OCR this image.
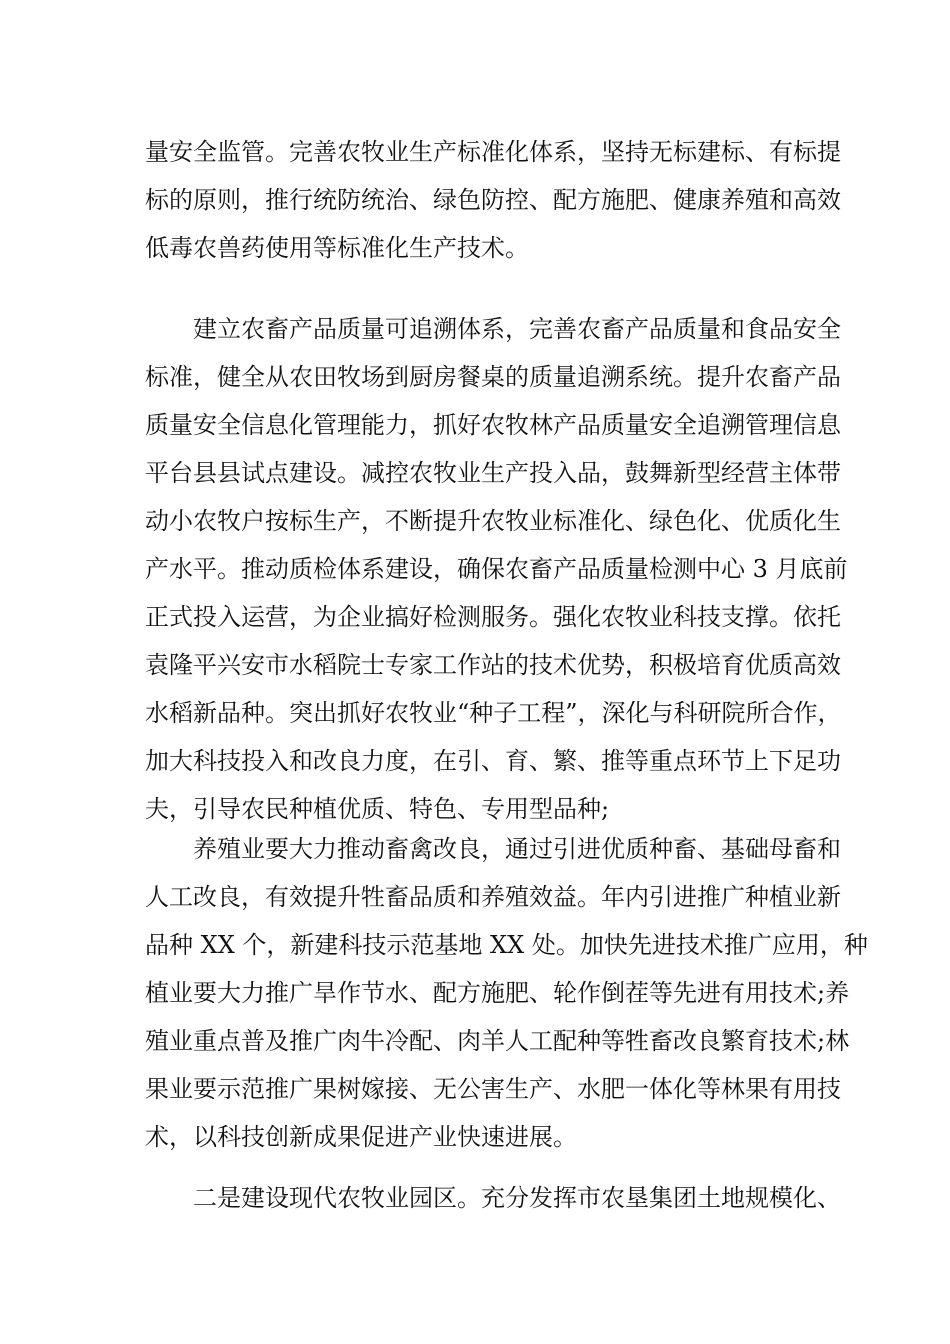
量安全监管。完善农牧业生产标准化体系，坚持无标建标、有标提
标的原则，推行统防统治、绿色防控、配方施肥、健康养殖和高效
低毒农兽药使用等标准化生产技术。
建立农畜产品质量可追溯体系，完善农畜产品质量和食品安全
标准，健全从农田牧场到厨房餐桌的质量追溯系统。提升农畜产品
质量安全信息化管理能力，抓好农牧林产品质量安全追溯管理信息
平台县县试点建设。减控农牧业生产投入品，鼓舞新型经营主体带
动小农牧户按标生产，不断提升农牧业标准化、绿色化、优质化生
产水平。推动质检体系建设，确保农畜产品质量检测中心 3 月底前
正式投入运营，为企业搞好检测服务。强化农牧业科技支撑。依托
袁隆平兴安市水稻院士专家工作站的技术优势，积极培育优质高效
水稻新品种。突出抓好农牧业“种子工程”，深化与科研院所合作，
加大科技投入和改良力度，在引、育、繁、推等重点环节上下足功
夫，引导农民种植优质、特色、专用型品种;
养殖业要大力推动畜禽改良，通过引进优质种畜、基础母畜和
人工改良，有效提升牲畜品质和养殖效益。年内引进推广种植业新
品种 XX 个，新建科技示范基地 XX 处。加快先进技术推广应用，种
植业要大力推广旱作节水、配方施肥、轮作倒茬等先进有用技术;养
殖业重点普及推广肉牛冷配、肉羊人工配种等牲畜改良繁育技术;林
果业要示范推广果树嫁接、无公害生产、水肥一体化等林果有用技
术，以科技创新成果促进产业快速进展。
二是建设现代农牧业园区。充分发挥市农垦集团土地规模化、
